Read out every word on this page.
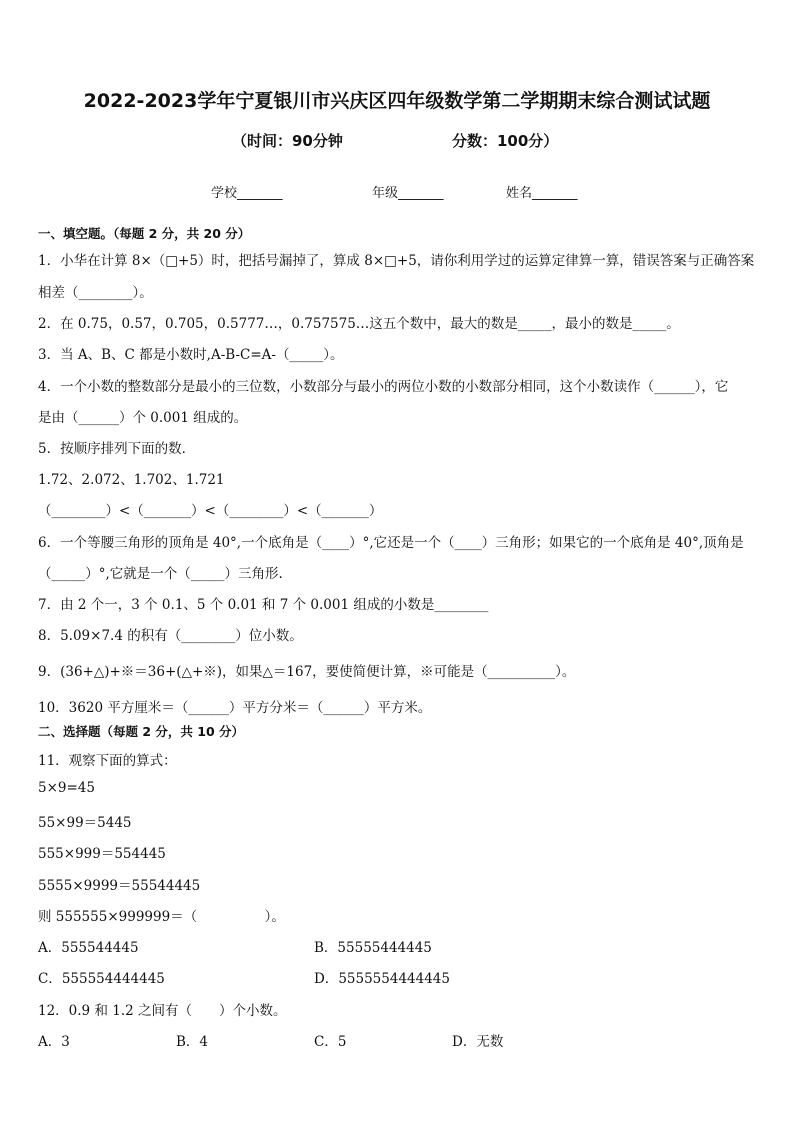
2022-2023学年宁夏银川市兴庆区四年级数学第二学期期末综合测试试题
（时间：90分钟	分数：100分）
学校_______	年级_______	姓名_______
一、填空题。（每题 2 分，共 20 分）
1．小华在计算 8×（□+5）时，把括号漏掉了，算成 8×□+5，请你利用学过的运算定律算一算，错误答案与正确答案
相差（________）。
2．在 0.75，0.57，0.705，0.5777…，0.757575…这五个数中，最大的数是_____，最小的数是_____。
3．当 A、B、C 都是小数时,A-B-C=A-（_____）。
4．一个小数的整数部分是最小的三位数，小数部分与最小的两位小数的小数部分相同，这个小数读作（______），它
是由（______）个 0.001 组成的。
5．按顺序排列下面的数．
1.72、2.072、1.702、1.721
（________）<（_______）<（________）<（_______）
6．一个等腰三角形的顶角是 40°,一个底角是（____）°,它还是一个（____）三角形；如果它的一个底角是 40°,顶角是
（_____）°,它就是一个（_____）三角形.
7．由 2 个一，3 个 0.1、5 个 0.01 和 7 个 0.001 组成的小数是________
8．5.09×7.4 的积有（________）位小数。
9．(36+△)+※＝36+(△+※)，如果△＝167，要使简便计算，※可能是（__________）。
10．3620 平方厘米＝（______）平方分米＝（______）平方米。
二、选择题（每题 2 分，共 10 分）
11．观察下面的算式：
5×9=45
55×99＝5445
555×999＝554445
5555×9999＝55544445
则 555555×999999＝（　　　　　）。
A．555544445	B．55555444445
C．555554444445	D．5555554444445
12．0.9 和 1.2 之间有（　　）个小数。
A．3	B．4	C．5	D．无数
